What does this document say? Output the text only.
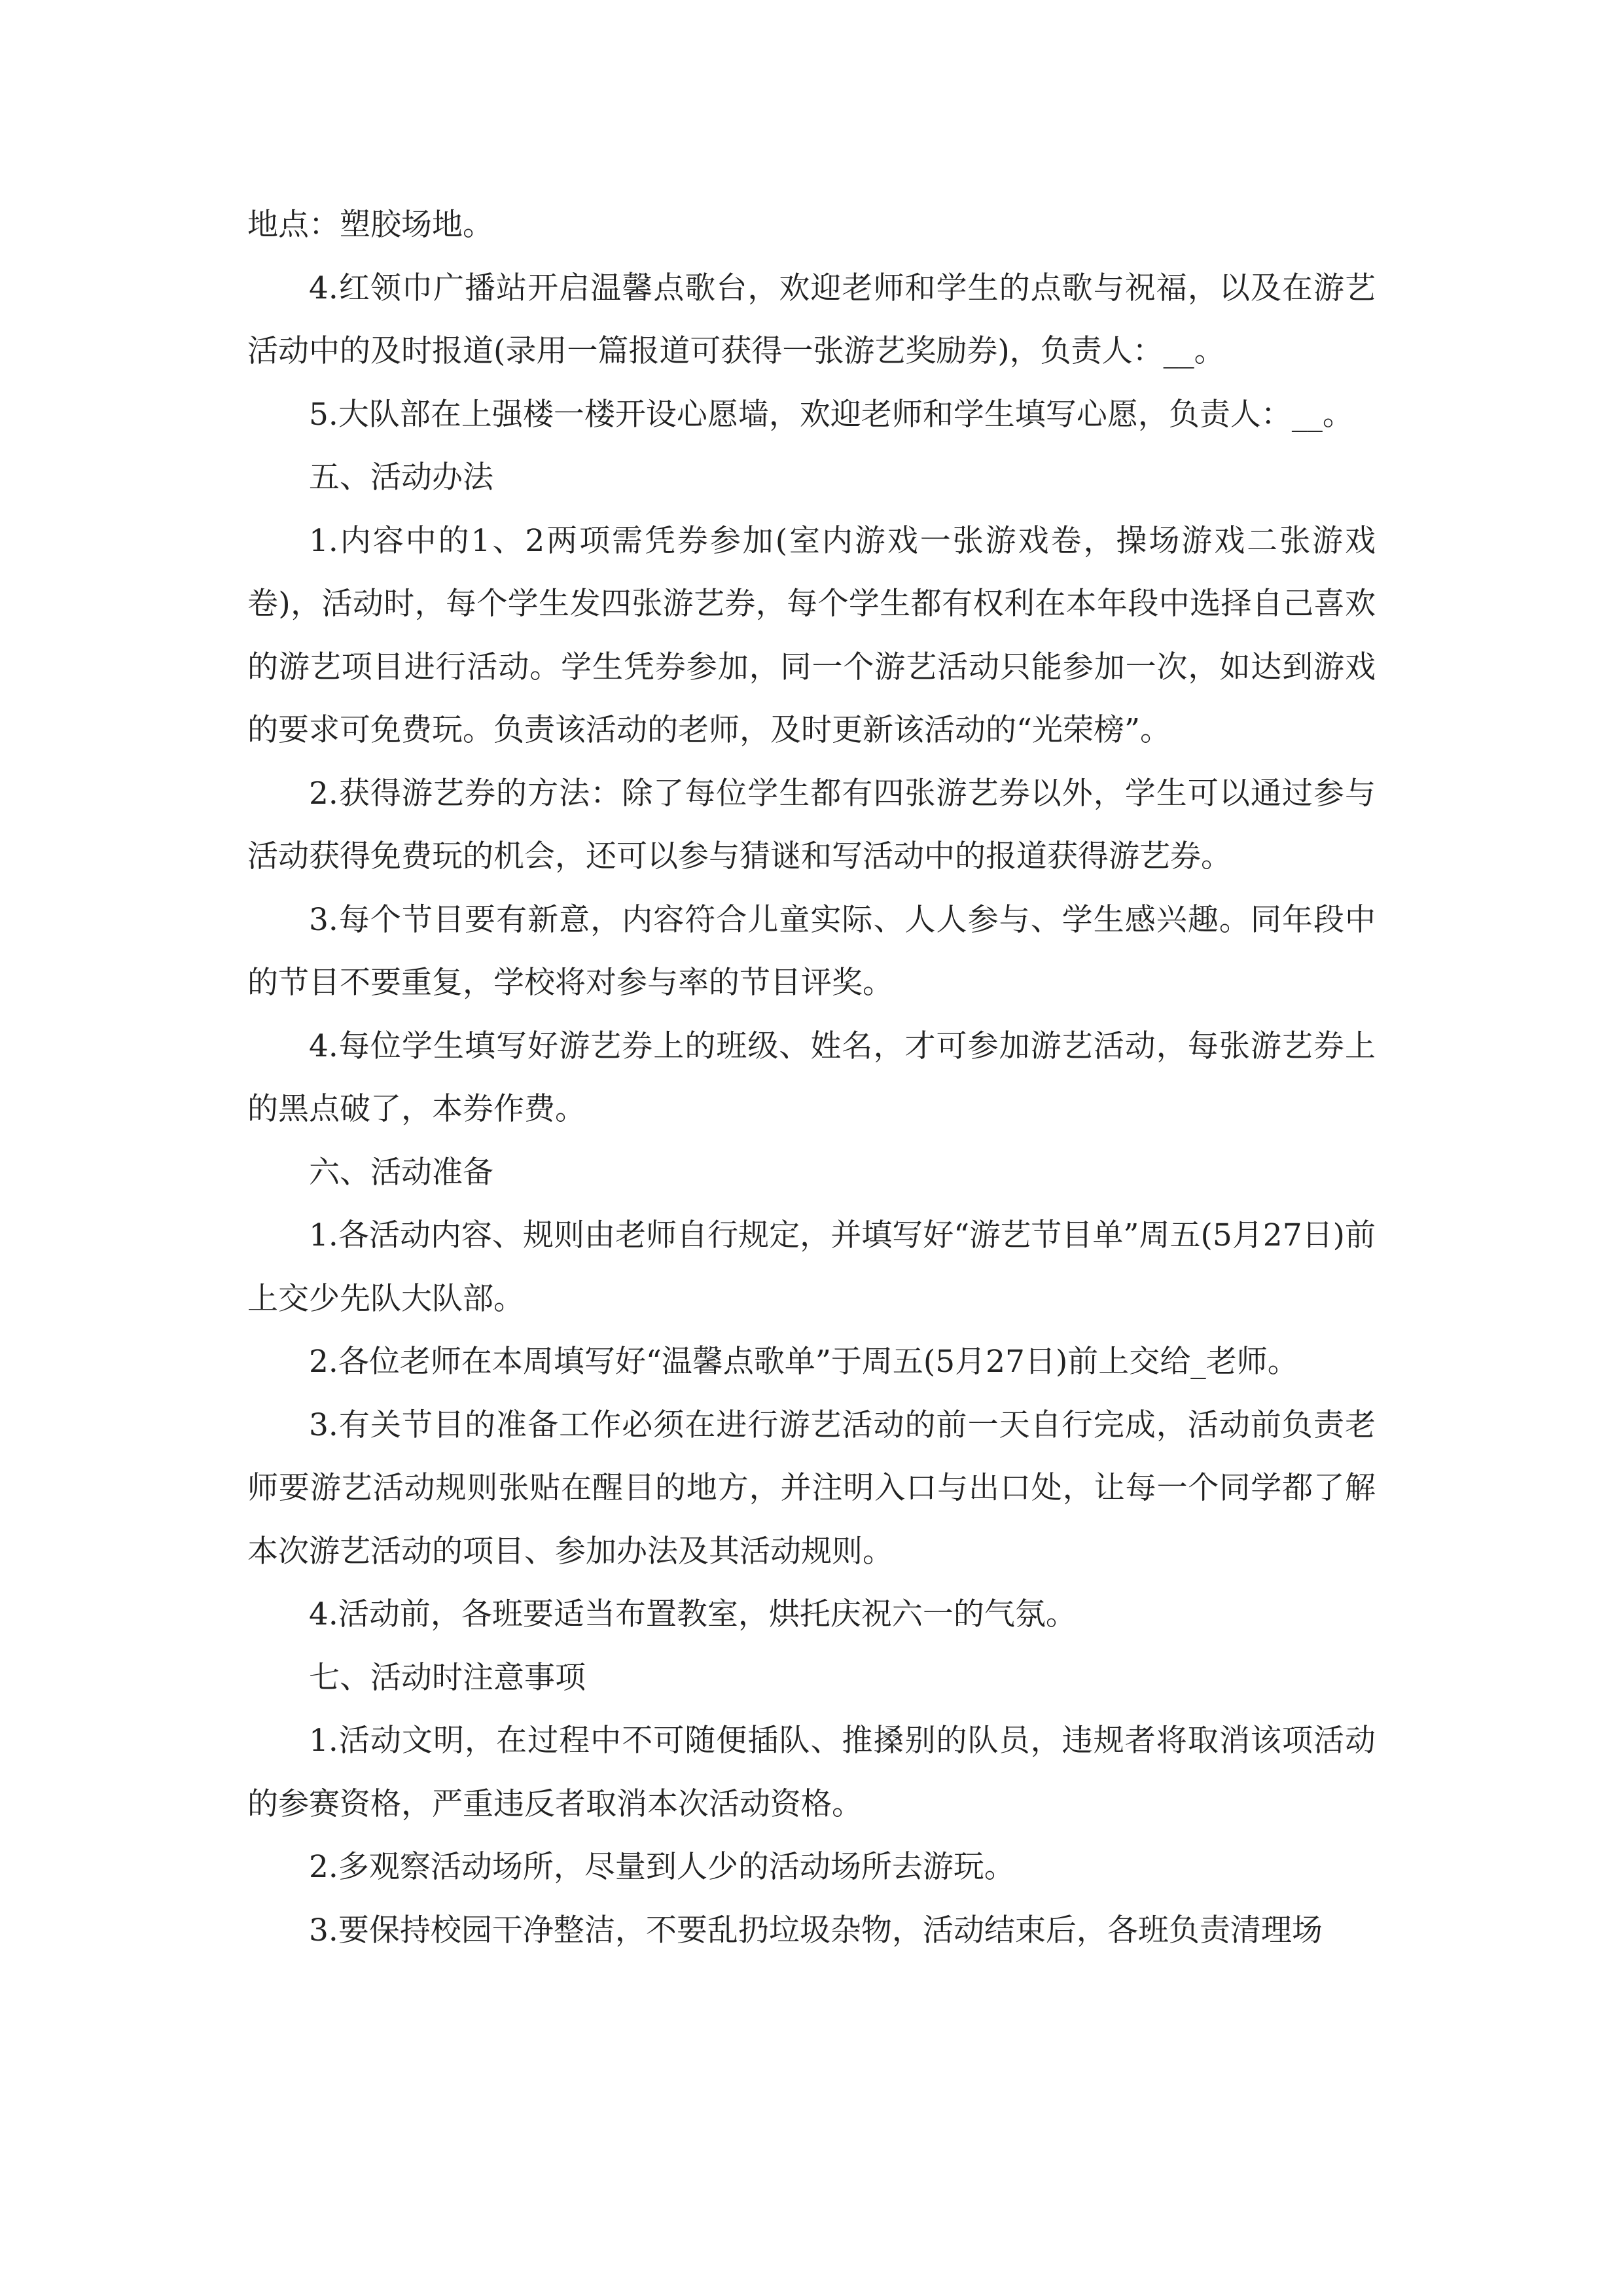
地点：塑胶场地。

4.红领巾广播站开启温馨点歌台，欢迎老师和学生的点歌与祝福，以及在游艺活动中的及时报道(录用一篇报道可获得一张游艺奖励券)，负责人：__。

5.大队部在上强楼一楼开设心愿墙，欢迎老师和学生填写心愿，负责人：__。

五、活动办法

1.内容中的1、2两项需凭券参加(室内游戏一张游戏卷，操场游戏二张游戏卷)，活动时，每个学生发四张游艺券，每个学生都有权利在本年段中选择自己喜欢的游艺项目进行活动。学生凭券参加，同一个游艺活动只能参加一次，如达到游戏的要求可免费玩。负责该活动的老师，及时更新该活动的“光荣榜”。

2.获得游艺券的方法：除了每位学生都有四张游艺券以外，学生可以通过参与活动获得免费玩的机会，还可以参与猜谜和写活动中的报道获得游艺券。

3.每个节目要有新意，内容符合儿童实际、人人参与、学生感兴趣。同年段中的节目不要重复，学校将对参与率的节目评奖。

4.每位学生填写好游艺券上的班级、姓名，才可参加游艺活动，每张游艺券上的黑点破了，本券作费。

六、活动准备

1.各活动内容、规则由老师自行规定，并填写好“游艺节目单”周五(5月27日)前上交少先队大队部。

2.各位老师在本周填写好“温馨点歌单”于周五(5月27日)前上交给_老师。

3.有关节目的准备工作必须在进行游艺活动的前一天自行完成，活动前负责老师要游艺活动规则张贴在醒目的地方，并注明入口与出口处，让每一个同学都了解本次游艺活动的项目、参加办法及其活动规则。

4.活动前，各班要适当布置教室，烘托庆祝六一的气氛。

七、活动时注意事项

1.活动文明，在过程中不可随便插队、推搡别的队员，违规者将取消该项活动的参赛资格，严重违反者取消本次活动资格。

2.多观察活动场所，尽量到人少的活动场所去游玩。

3.要保持校园干净整洁，不要乱扔垃圾杂物，活动结束后，各班负责清理场
